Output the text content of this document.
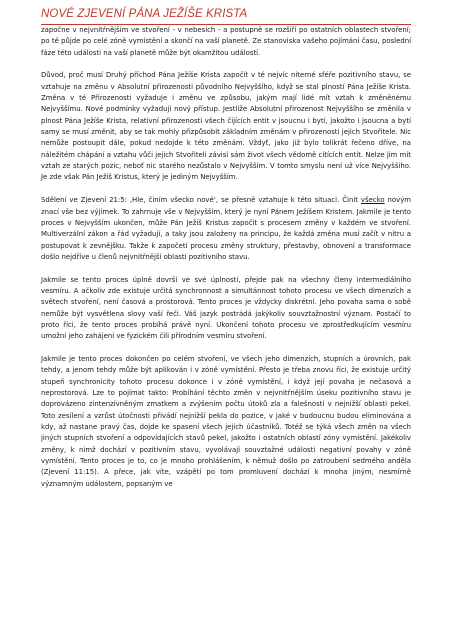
NOVÉ ZJEVENÍ PÁNA JEŽÍŠE KRISTA

započne v nejvnitřnějším ve stvoření - v nebesích - a postupně se rozšíří po ostatních oblastech stvoření; po tě půjde po celé zóně vymístění a skončí na vaší planetě. Ze stanoviska vašeho pojímání času, poslední fáze této události na vaší planetě může být okamžitou událostí.

Důvod, proč musí Druhý příchod Pána Ježíše Krista započít v té nejvíc niterné sféře pozitivního stavu, se vztahuje na změnu v Absolutní přirozenosti původního Nejvyššího, když se stal plností Pána Ježíše Krista. Změna v té Přirozenosti vyžaduje i změnu ve způsobu, jakým mají lidé mít vztah k změněnému Nejvyššímu. Nové podmínky vyžadují nový přístup. Jestliže Absolutní přirozenost Nejvyššího se změnila v plnost Pána Ježíše Krista, relativní přirozenosti všech čijících entit v jsoucnu i bytí, jakožto i jsoucna a bytí samy se musí změnit, aby se tak mohly přizpůsobit základním změnám v přirozenosti jejich Stvořitele. Nic nemůže postoupit dále, pokud nedojde k této změnám. Vždyť, jako již bylo tolikrát řečeno dříve, na náležitém chápání a vztahu vůči jejich Stvořiteli závisí sám život všech vědomě cítících entit. Nelze jim mít vztah ze starých pozic, neboť nic starého nezůstalo v Nejvyšším. V tomto smyslu není už více Nejvyššího. Je zde však Pán Ježíš Kristus, který je jediným Nejvyšším.

Sdělení ve Zjevení 21:5: ‚Hle, činím všecko nové‘, se přesně vztahuje k této situaci. Činit všecko novým znací vše bez výjimek. To zahrnuje vše v Nejvyšším, který je nyní Pánem Ježíšem Kristem. Jakmile je tento proces v Nejvyšším ukončen, může Pán Ježíš Kristus započít s procesem změny v každém ve stvoření. Multiverzální zákon a řád vyžadují, a taky jsou založeny na principu, že každá změna musí začít v nitru a postupovat k zevnějšku. Takže k započetí procesu změny struktury, přestavby, obnovení a transformace došlo nejdříve u členů nejvnitřnější oblasti pozitivního stavu.

Jakmile se tento proces úplně dovrší ve své úplnosti, přejde pak na všechny členy intermediálního vesmíru. A ačkoliv zde existuje určitá synchronnost a simultánnost tohoto procesu ve všech dimenzích a světech stvoření, není časová a prostorová. Tento proces je vždycky diskrétní. Jeho povaha sama o sobě nemůže být vysvětlena slovy vaší řeči. Váš jazyk postrádá jakýkoliv souvztažnostní význam. Postačí to proto říci, že tento proces probíhá právě nyní. Ukončení tohoto procesu ve zprostředkujícím vesmíru umožní jeho zahájení ve fyzickém čili přírodním vesmíru stvoření.

Jakmile je tento proces dokončen po celém stvoření, ve všech jeho dimenzích, stupních a úrovních, pak tehdy, a jenom tehdy může být aplikován i v zóně vymístění. Přesto je třeba znovu říci, že existuje určitý stupeň synchronicity tohoto procesu dokonce i v zóně vymístění, i když její povaha je nečasová a neprostorová. Lze to pojímat takto: Probíhání těchto změn v nejvnitřnějším úseku pozitivního stavu je doprovázeno zintenzívněným zmatkem a zvýšením počtu útoků zla a falešností v nejnižší oblasti pekel. Toto zesílení a vzrůst útočnosti přivádí nejnižší pekla do pozice, v jaké v budoucnu budou eliminována a kdy, až nastane pravý čas, dojde ke spasení všech jejich účastníků. Totéž se týká všech změn na všech jiných stupních stvoření a odpovídajících stavů pekel, jakožto i ostatních oblastí zóny vymístění. Jakékoliv změny, k nimž dochází v pozitivním stavu, vyvolávají souvztažné události negativní povahy v zóně vymístění. Tento proces je to, co je mnoho prohlášením, k němuž došlo po zatroubení sedmého anděla (Zjevení 11:15). A přece, jak víte, vzápětí po tom promluvení dochází k mnoha jiným, nesmírně významným událostem, popsaným ve
